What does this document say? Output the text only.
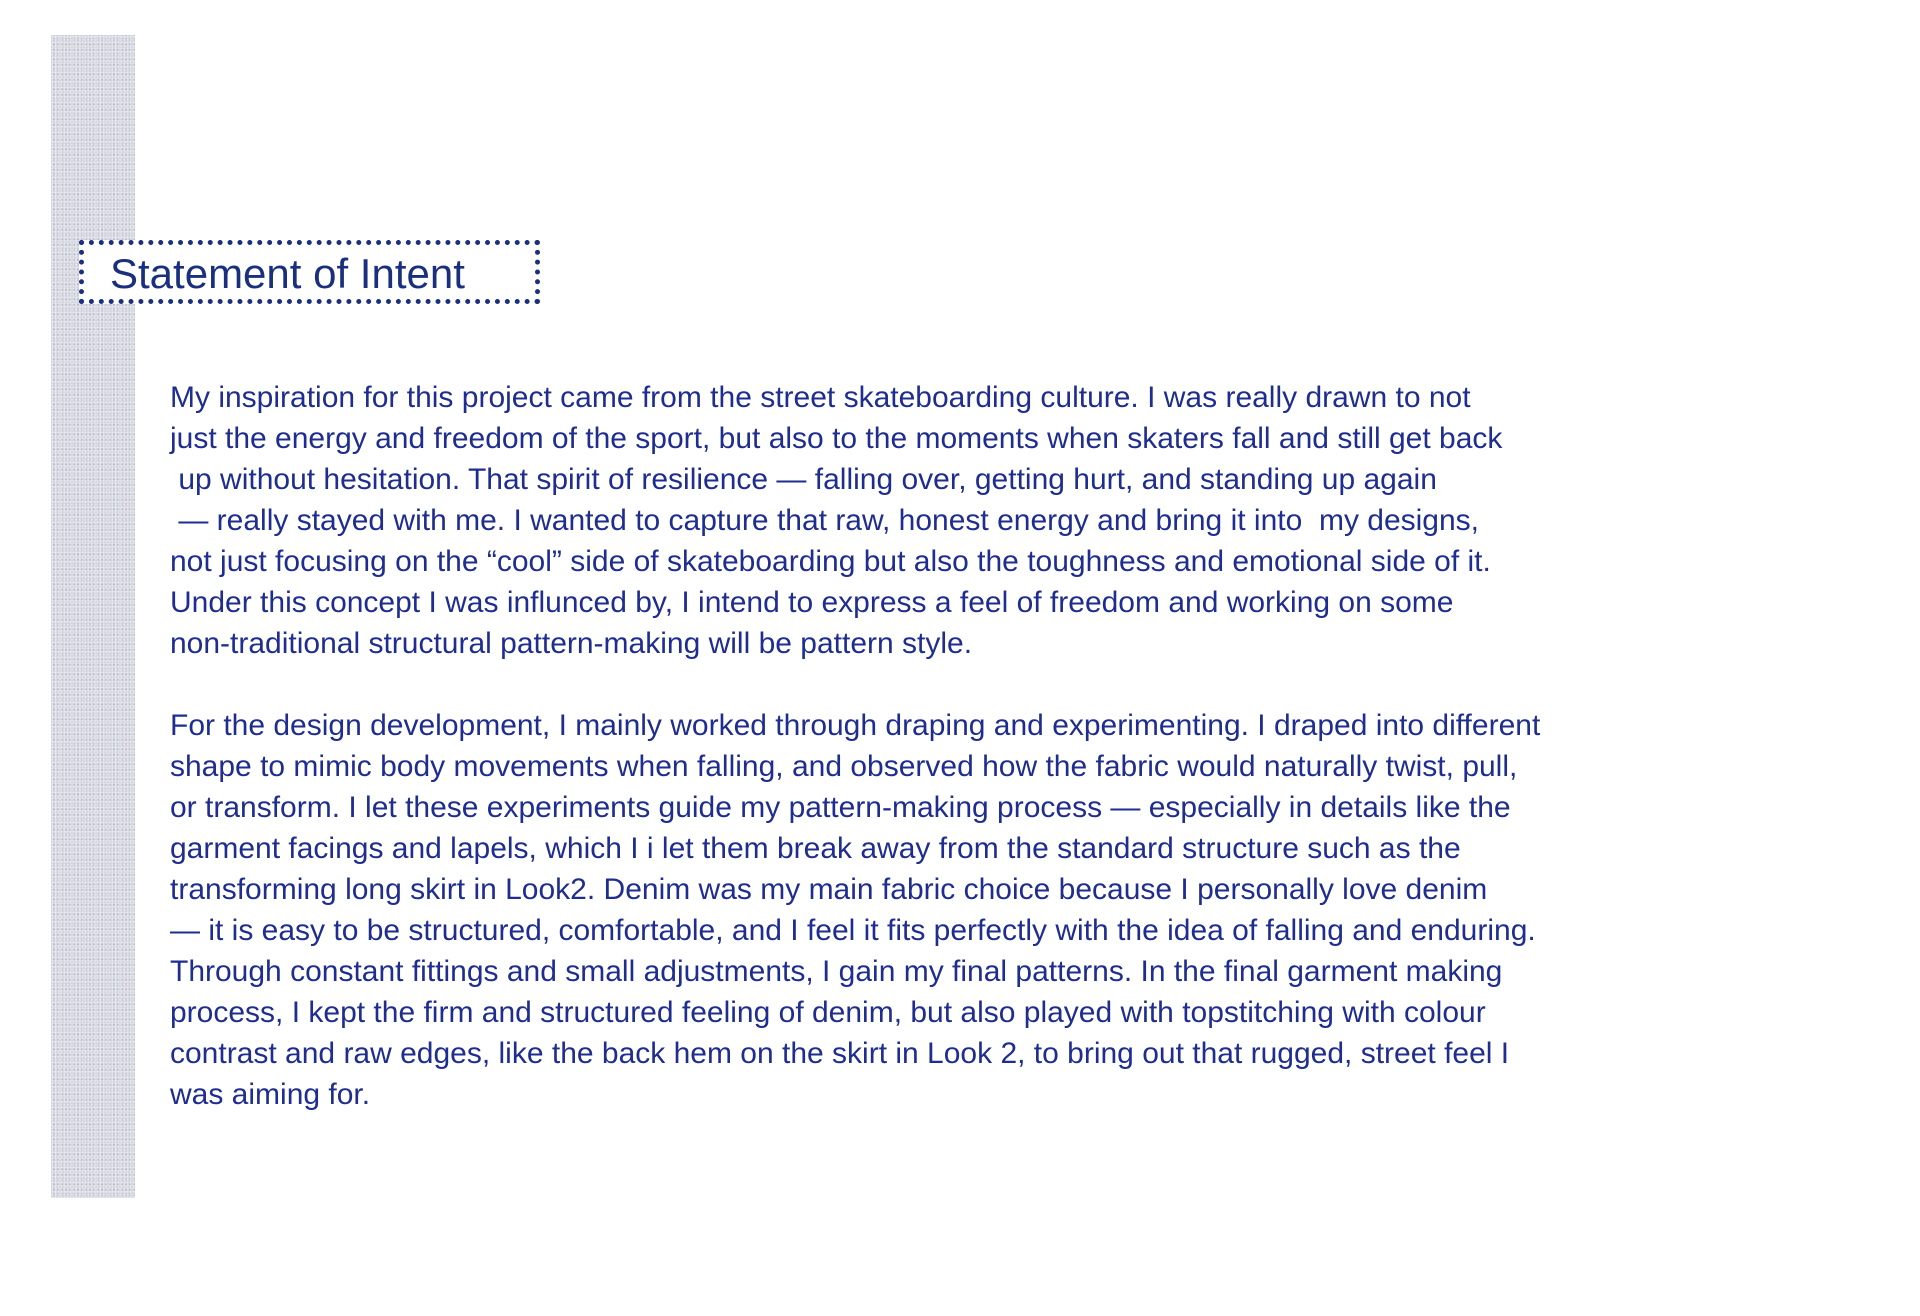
Statement of Intent

My inspiration for this project came from the street skateboarding culture. I was really drawn to not
just the energy and freedom of the sport, but also to the moments when skaters fall and still get back
up without hesitation. That spirit of resilience — falling over, getting hurt, and standing up again
— really stayed with me. I wanted to capture that raw, honest energy and bring it into  my designs,
not just focusing on the “cool” side of skateboarding but also the toughness and emotional side of it.
Under this concept I was influnced by, I intend to express a feel of freedom and working on some
non-traditional structural pattern-making will be pattern style.

For the design development, I mainly worked through draping and experimenting. I draped into different
shape to mimic body movements when falling, and observed how the fabric would naturally twist, pull,
or transform. I let these experiments guide my pattern-making process — especially in details like the
garment facings and lapels, which I i let them break away from the standard structure such as the
transforming long skirt in Look2. Denim was my main fabric choice because I personally love denim
— it is easy to be structured, comfortable, and I feel it fits perfectly with the idea of falling and enduring.
Through constant fittings and small adjustments, I gain my final patterns. In the final garment making
process, I kept the firm and structured feeling of denim, but also played with topstitching with colour
contrast and raw edges, like the back hem on the skirt in Look 2, to bring out that rugged, street feel I
was aiming for.
